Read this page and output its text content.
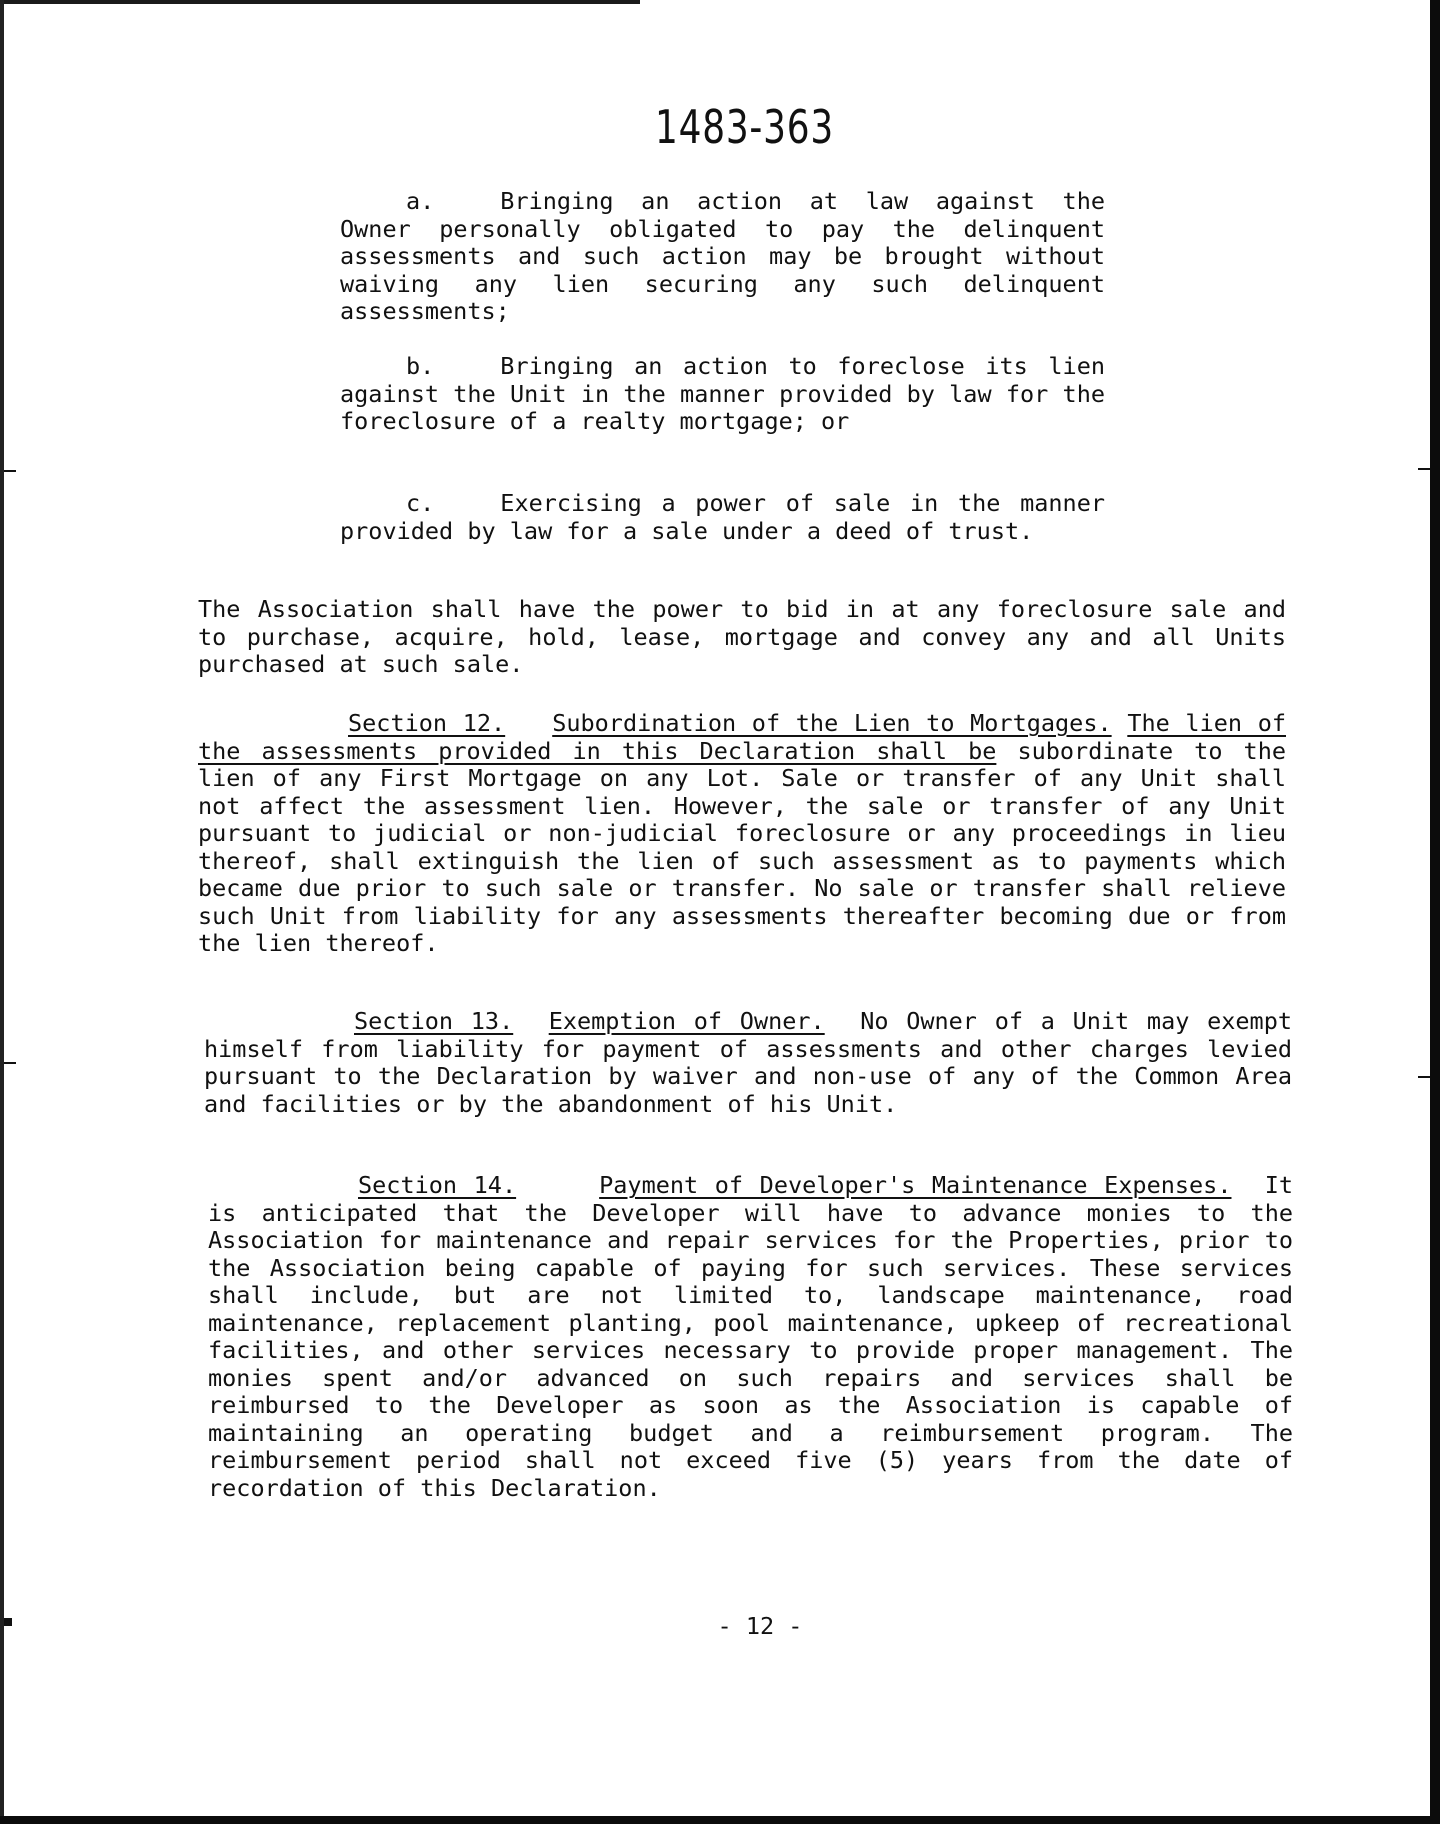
1483-363
a.	Bringing an action at law against the Owner personally obligated to pay the delinquent assessments and such action may be brought without waiving any lien securing any such delinquent assessments;
b.	Bringing an action to foreclose its lien against the Unit in the manner provided by law for the foreclosure of a realty mortgage; or
c.	Exercising a power of sale in the manner provided by law for a sale under a deed of trust.
The Association shall have the power to bid in at any foreclosure sale and to purchase, acquire, hold, lease, mortgage and convey any and all Units purchased at such sale.
Section 12. Subordination of the Lien to Mortgages. The lien of the assessments provided in this Declaration shall be subordinate to the lien of any First Mortgage on any Lot. Sale or transfer of any Unit shall not affect the assessment lien. However, the sale or transfer of any Unit pursuant to judicial or non-judicial foreclosure or any proceedings in lieu thereof, shall extinguish the lien of such assessment as to payments which became due prior to such sale or transfer. No sale or transfer shall relieve such Unit from liability for any assessments thereafter becoming due or from the lien thereof.
Section 13. Exemption of Owner. No Owner of a Unit may exempt himself from liability for payment of assessments and other charges levied pursuant to the Declaration by waiver and non-use of any of the Common Area and facilities or by the abandonment of his Unit.
Section 14.	Payment of Developer's Maintenance Expenses. It is anticipated that the Developer will have to advance monies to the Association for maintenance and repair services for the Properties, prior to the Association being capable of paying for such services. These services shall include, but are not limited to, landscape maintenance, road maintenance, replacement planting, pool maintenance, upkeep of recreational facilities, and other services necessary to provide proper management. The monies spent and/or advanced on such repairs and services shall be reimbursed to the Developer as soon as the Association is capable of maintaining an operating budget and a reimbursement program. The reimbursement period shall not exceed five (5) years from the date of recordation of this Declaration.
- 12 -
